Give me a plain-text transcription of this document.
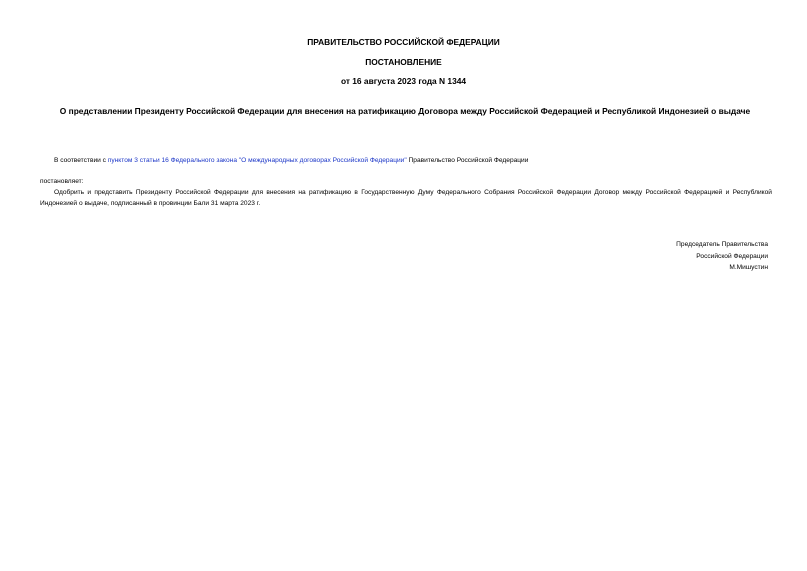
ПРАВИТЕЛЬСТВО РОССИЙСКОЙ ФЕДЕРАЦИИ
ПОСТАНОВЛЕНИЕ
от 16 августа 2023 года N 1344
О представлении Президенту Российской Федерации для внесения на ратификацию Договора между Российской Федерацией и Республикой Индонезией о выдаче
В соответствии с пунктом 3 статьи 16 Федерального закона "О международных договорах Российской Федерации" Правительство Российской Федерации
постановляет:
Одобрить и представить Президенту Российской Федерации для внесения на ратификацию в Государственную Думу Федерального Собрания Российской Федерации Договор между Российской Федерацией и Республикой Индонезией о выдаче, подписанный в провинции Бали 31 марта 2023 г.
Председатель Правительства
Российской Федерации
М.Мишустин
